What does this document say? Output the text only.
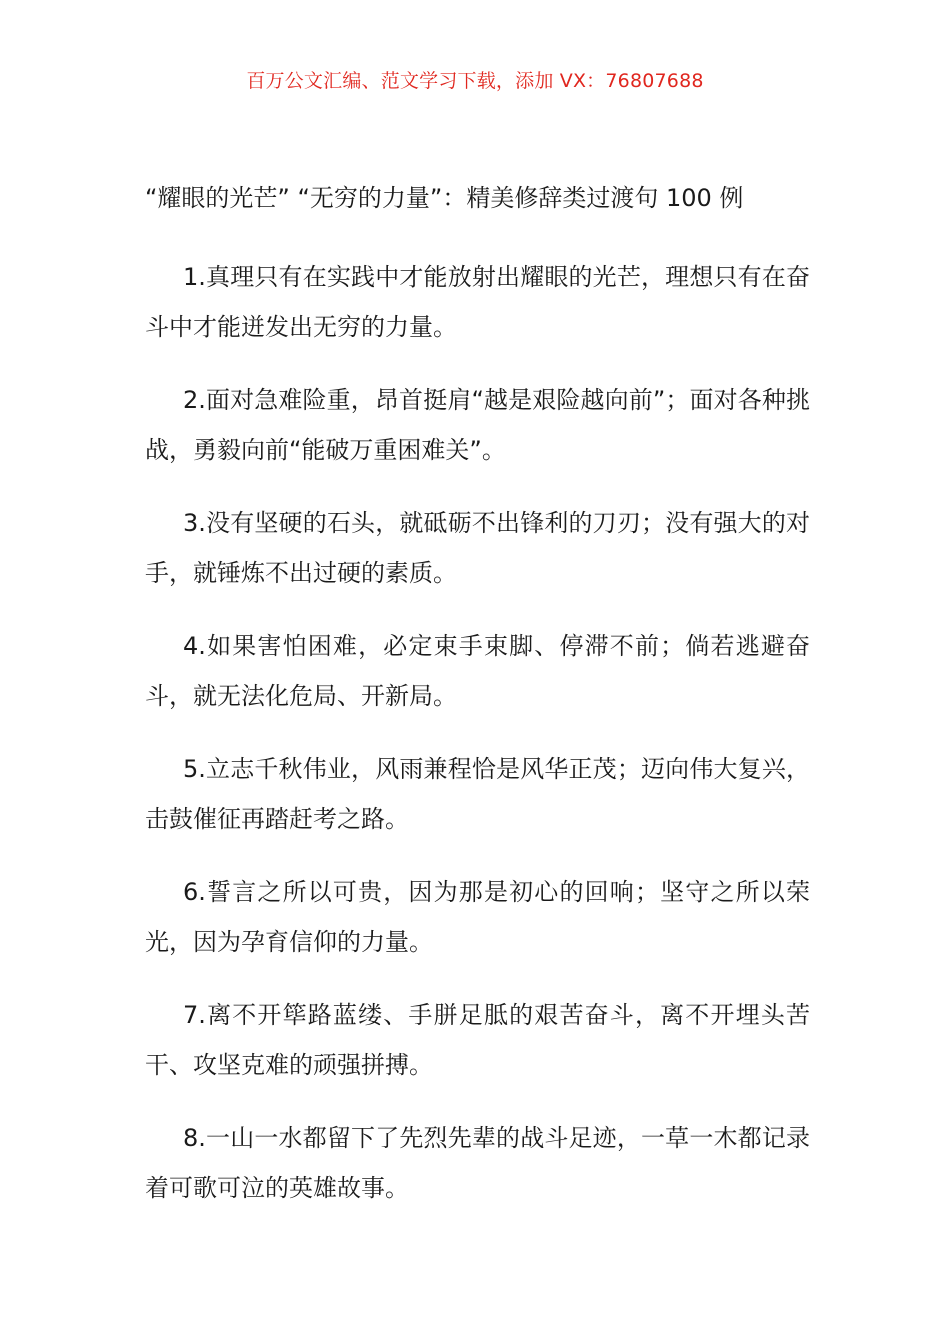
百万公文汇编、范文学习下载，添加 VX：76807688
“耀眼的光芒” “无穷的力量”：精美修辞类过渡句 100 例
1.真理只有在实践中才能放射出耀眼的光芒，理想只有在奋斗中才能迸发出无穷的力量。
2.面对急难险重，昂首挺肩“越是艰险越向前”；面对各种挑战，勇毅向前“能破万重困难关”。
3.没有坚硬的石头，就砥砺不出锋利的刀刃；没有强大的对手，就锤炼不出过硬的素质。
4.如果害怕困难，必定束手束脚、停滞不前；倘若逃避奋斗，就无法化危局、开新局。
5.立志千秋伟业，风雨兼程恰是风华正茂；迈向伟大复兴，击鼓催征再踏赶考之路。
6.誓言之所以可贵，因为那是初心的回响；坚守之所以荣光，因为孕育信仰的力量。
7.离不开筚路蓝缕、手胼足胝的艰苦奋斗，离不开埋头苦干、攻坚克难的顽强拼搏。
8.一山一水都留下了先烈先辈的战斗足迹，一草一木都记录着可歌可泣的英雄故事。
